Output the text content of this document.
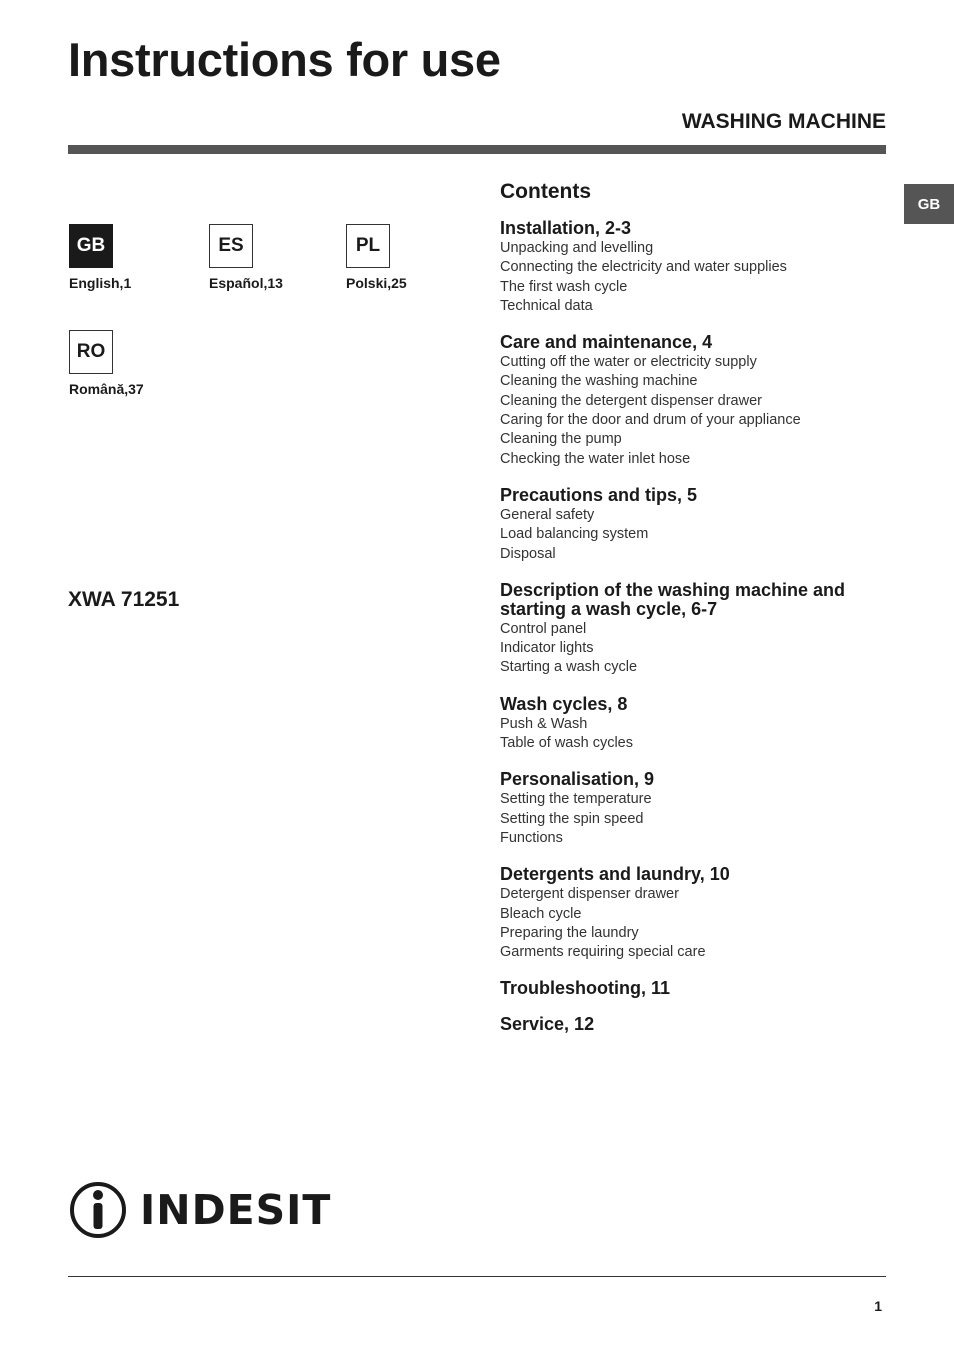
Instructions for use
WASHING MACHINE
GB
GB
English,1
ES
Español,13
PL
Polski,25
RO
Română,37
XWA 71251
Contents
Installation, 2-3
Unpacking and levelling
Connecting the electricity and water supplies
The first wash cycle
Technical data
Care and maintenance, 4
Cutting off the water or electricity supply
Cleaning the washing machine
Cleaning the detergent dispenser drawer
Caring for the door and drum of your appliance
Cleaning the pump
Checking the water inlet hose
Precautions and tips, 5
General safety
Load balancing system
Disposal
Description of the washing machine and starting a wash cycle, 6-7
Control panel
Indicator lights
Starting a wash cycle
Wash cycles, 8
Push & Wash
Table of wash cycles
Personalisation, 9
Setting the temperature
Setting the spin speed
Functions
Detergents and laundry, 10
Detergent dispenser drawer
Bleach cycle
Preparing the laundry
Garments requiring special care
Troubleshooting, 11
Service, 12
INDESIT
1
